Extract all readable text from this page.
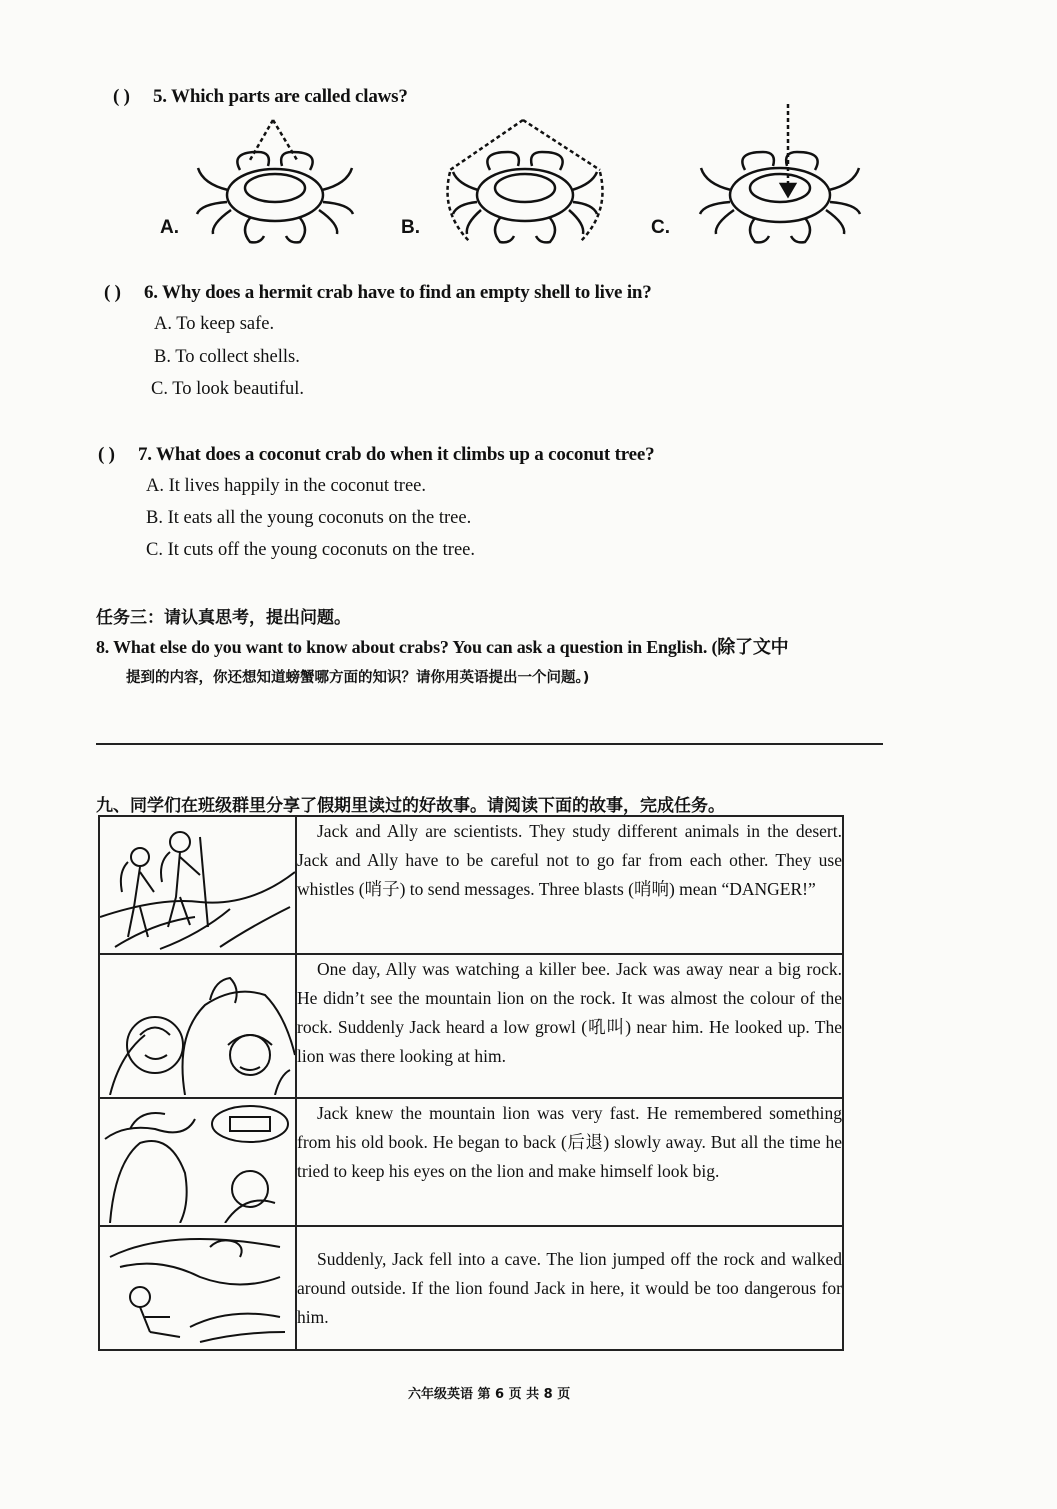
( ) 5. Which parts are called claws?
A.	B.	C.
( ) 6. Why does a hermit crab have to find an empty shell to live in?
A. To keep safe.
B. To collect shells.
C. To look beautiful.
( ) 7. What does a coconut crab do when it climbs up a coconut tree?
A. It lives happily in the coconut tree.
B. It eats all the young coconuts on the tree.
C. It cuts off the young coconuts on the tree.
任务三：请认真思考，提出问题。
8. What else do you want to know about crabs? You can ask a question in English. (除了文中
提到的内容，你还想知道螃蟹哪方面的知识？请你用英语提出一个问题。)
九、同学们在班级群里分享了假期里读过的好故事。请阅读下面的故事，完成任务。

Jack and Ally are scientists. They study different animals in the desert. Jack and Ally have to be careful not to go far from each other. They use whistles (哨子) to send messages. Three blasts (哨响) mean “DANGER!”

One day, Ally was watching a killer bee. Jack was away near a big rock. He didn’t see the mountain lion on the rock. It was almost the colour of the rock. Suddenly Jack heard a low growl (吼叫) near him. He looked up. The lion was there looking at him.

Jack knew the mountain lion was very fast. He remembered something from his old book. He began to back (后退) slowly away. But all the time he tried to keep his eyes on the lion and make himself look big.

Suddenly, Jack fell into a cave. The lion jumped off the rock and walked around outside. If the lion found Jack in here, it would be too dangerous for him.

六年级英语 第 6 页 共 8 页
